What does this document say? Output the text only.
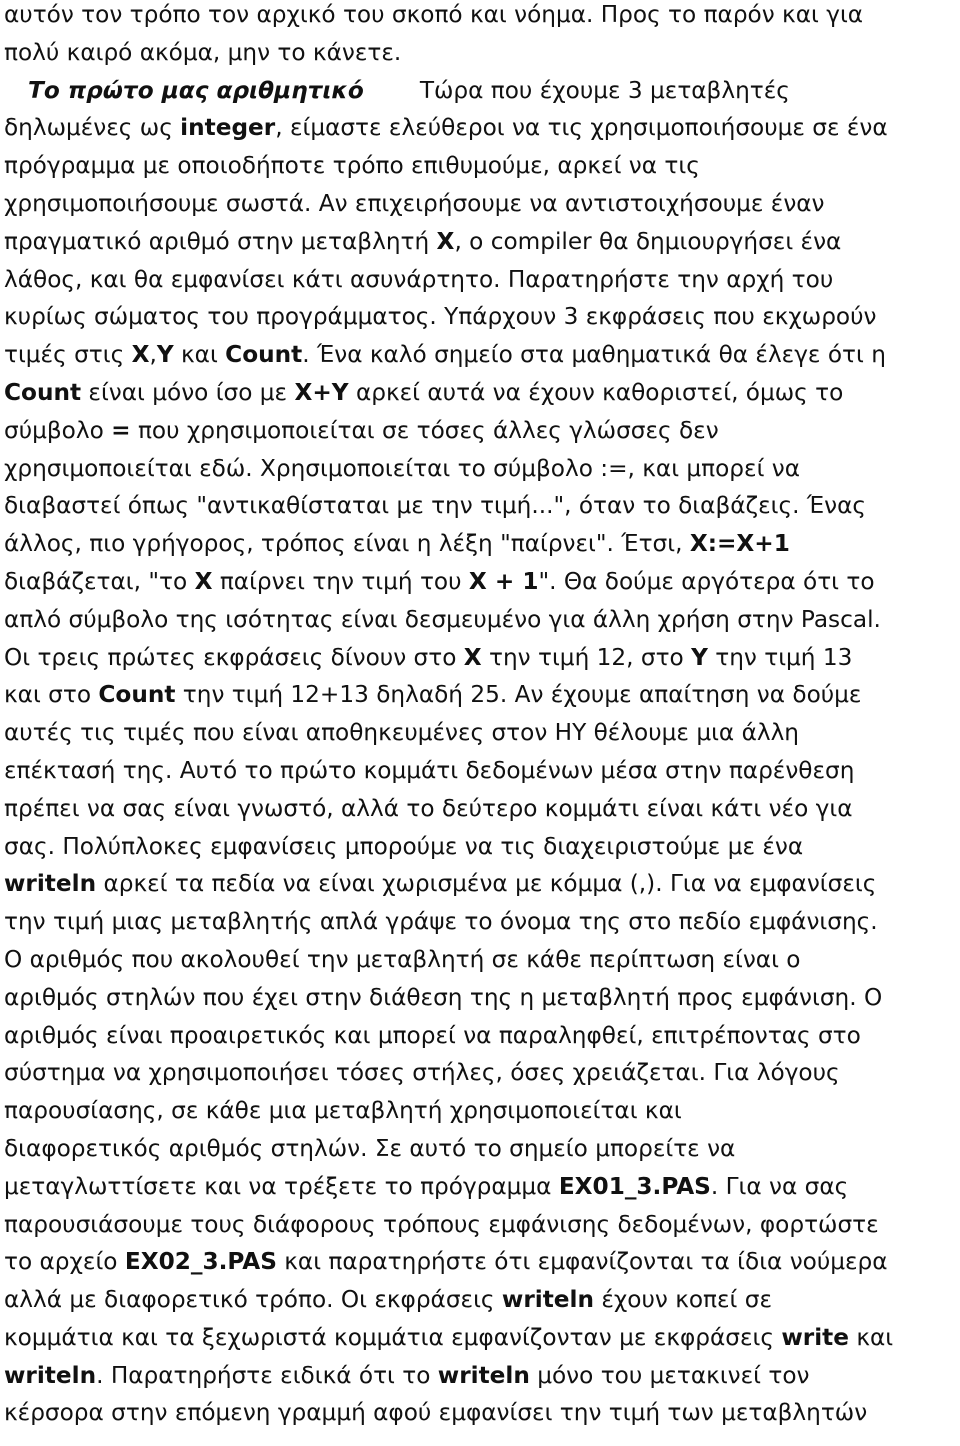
αυτόν τον τρόπο τον αρχικό του σκοπό και νόημα. Προς το παρόν και για
πολύ καιρό ακόμα, μην το κάνετε.
Το πρώτο μας αριθμητικό Τώρα που έχουμε 3 μεταβλητές
δηλωμένες ως integer, είμαστε ελεύθεροι να τις χρησιμοποιήσουμε σε ένα
πρόγραμμα με οποιοδήποτε τρόπο επιθυμούμε, αρκεί να τις
χρησιμοποιήσουμε σωστά. Αν επιχειρήσουμε να αντιστοιχήσουμε έναν
πραγματικό αριθμό στην μεταβλητή X, ο compiler θα δημιουργήσει ένα
λάθος, και θα εμφανίσει κάτι ασυνάρτητο. Παρατηρήστε την αρχή του
κυρίως σώματος του προγράμματος. Υπάρχουν 3 εκφράσεις που εκχωρούν
τιμές στις X,Y και Count. Ένα καλό σημείο στα μαθηματικά θα έλεγε ότι η
Count είναι μόνο ίσο με X+Y αρκεί αυτά να έχουν καθοριστεί, όμως το
σύμβολο = που χρησιμοποιείται σε τόσες άλλες γλώσσες δεν
χρησιμοποιείται εδώ. Χρησιμοποιείται το σύμβολο :=, και μπορεί να
διαβαστεί όπως "αντικαθίσταται με την τιμή...", όταν το διαβάζεις. Ένας
άλλος, πιο γρήγορος, τρόπος είναι η λέξη "παίρνει". Έτσι, X:=X+1
διαβάζεται, "το X παίρνει την τιμή του X + 1". Θα δούμε αργότερα ότι το
απλό σύμβολο της ισότητας είναι δεσμευμένο για άλλη χρήση στην Pascal.
Οι τρεις πρώτες εκφράσεις δίνουν στο X την τιμή 12, στο Y την τιμή 13
και στο Count την τιμή 12+13 δηλαδή 25. Αν έχουμε απαίτηση να δούμε
αυτές τις τιμές που είναι αποθηκευμένες στον ΗΥ θέλουμε μια άλλη
επέκτασή της. Αυτό το πρώτο κομμάτι δεδομένων μέσα στην παρένθεση
πρέπει να σας είναι γνωστό, αλλά το δεύτερο κομμάτι είναι κάτι νέο για
σας. Πολύπλοκες εμφανίσεις μπορούμε να τις διαχειριστούμε με ένα
writeln αρκεί τα πεδία να είναι χωρισμένα με κόμμα (,). Για να εμφανίσεις
την τιμή μιας μεταβλητής απλά γράψε το όνομα της στο πεδίο εμφάνισης.
Ο αριθμός που ακολουθεί την μεταβλητή σε κάθε περίπτωση είναι ο
αριθμός στηλών που έχει στην διάθεση της η μεταβλητή προς εμφάνιση. Ο
αριθμός είναι προαιρετικός και μπορεί να παραληφθεί, επιτρέποντας στο
σύστημα να χρησιμοποιήσει τόσες στήλες, όσες χρειάζεται. Για λόγους
παρουσίασης, σε κάθε μια μεταβλητή χρησιμοποιείται και
διαφορετικός αριθμός στηλών. Σε αυτό το σημείο μπορείτε να
μεταγλωττίσετε και να τρέξετε το πρόγραμμα EX01_3.PAS. Για να σας
παρουσιάσουμε τους διάφορους τρόπους εμφάνισης δεδομένων, φορτώστε
το αρχείο EX02_3.PAS και παρατηρήστε ότι εμφανίζονται τα ίδια νούμερα
αλλά με διαφορετικό τρόπο. Οι εκφράσεις writeln έχουν κοπεί σε
κομμάτια και τα ξεχωριστά κομμάτια εμφανίζονταν με εκφράσεις write και
writeln. Παρατηρήστε ειδικά ότι το writeln μόνο του μετακινεί τον
κέρσορα στην επόμενη γραμμή αφού εμφανίσει την τιμή των μεταβλητών
